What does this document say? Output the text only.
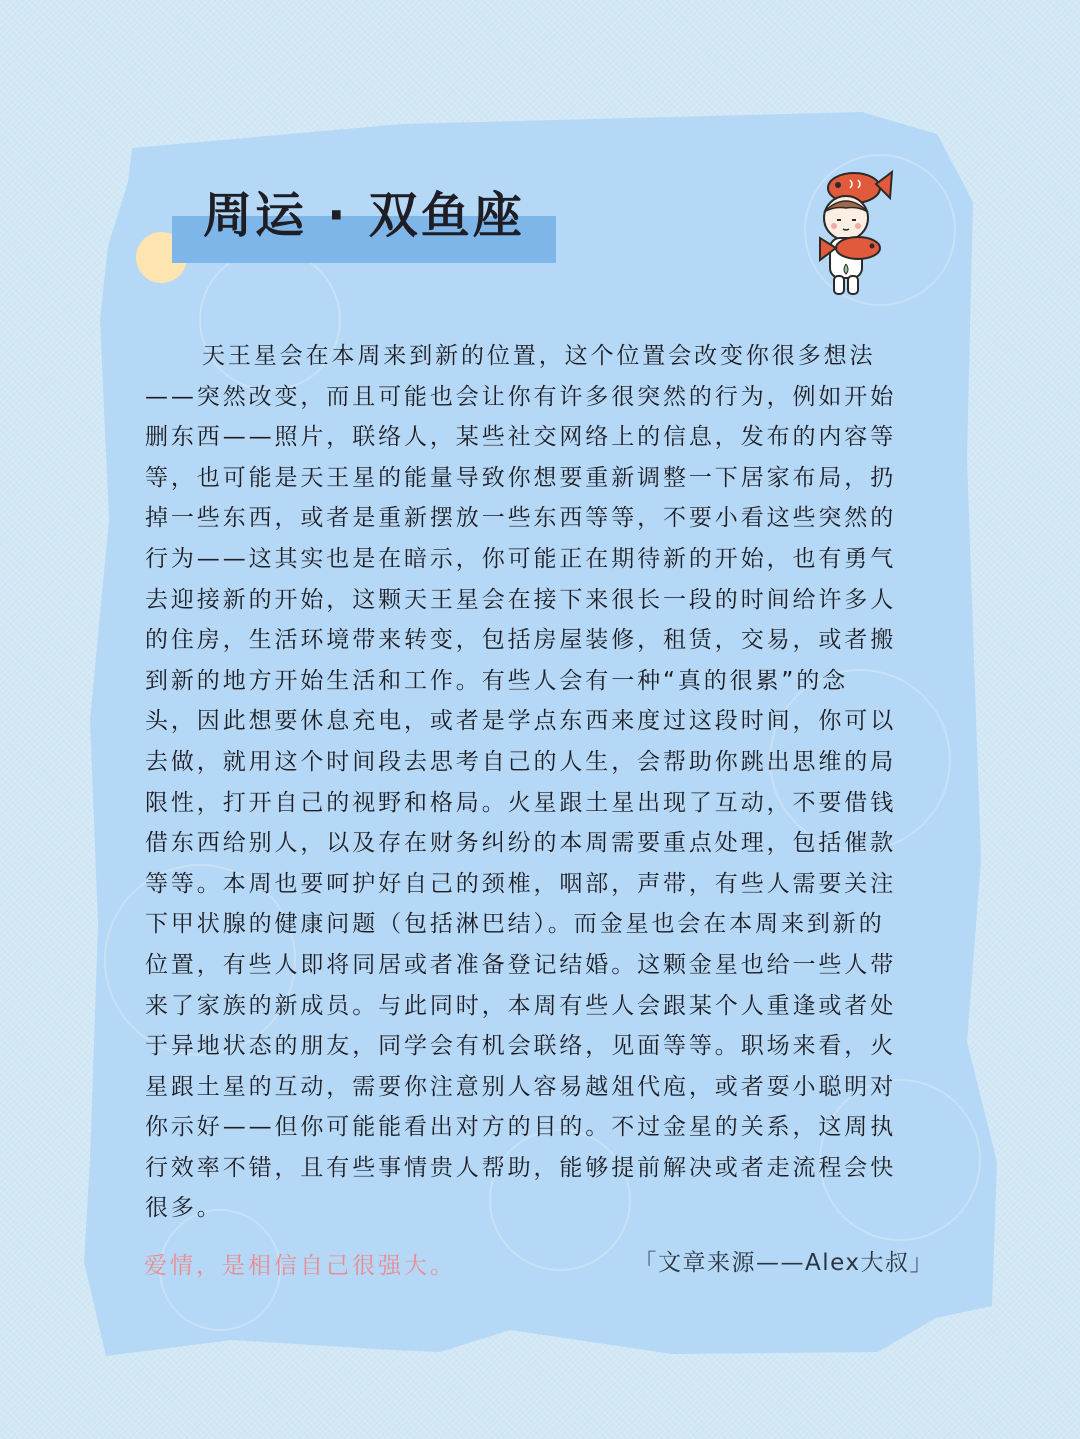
周运 · 双鱼座
天王星会在本周来到新的位置，这个位置会改变你很多想法
——突然改变，而且可能也会让你有许多很突然的行为，例如开始
删东西——照片，联络人，某些社交网络上的信息，发布的内容等
等，也可能是天王星的能量导致你想要重新调整一下居家布局，扔
掉一些东西，或者是重新摆放一些东西等等，不要小看这些突然的
行为——这其实也是在暗示，你可能正在期待新的开始，也有勇气
去迎接新的开始，这颗天王星会在接下来很长一段的时间给许多人
的住房，生活环境带来转变，包括房屋装修，租赁，交易，或者搬
到新的地方开始生活和工作。有些人会有一种“真的很累”的念
头，因此想要休息充电，或者是学点东西来度过这段时间，你可以
去做，就用这个时间段去思考自己的人生，会帮助你跳出思维的局
限性，打开自己的视野和格局。火星跟土星出现了互动，不要借钱
借东西给别人，以及存在财务纠纷的本周需要重点处理，包括催款
等等。本周也要呵护好自己的颈椎，咽部，声带，有些人需要关注
下甲状腺的健康问题（包括淋巴结）。而金星也会在本周来到新的
位置，有些人即将同居或者准备登记结婚。这颗金星也给一些人带
来了家族的新成员。与此同时，本周有些人会跟某个人重逢或者处
于异地状态的朋友，同学会有机会联络，见面等等。职场来看，火
星跟土星的互动，需要你注意别人容易越俎代庖，或者耍小聪明对
你示好——但你可能能看出对方的目的。不过金星的关系，这周执
行效率不错，且有些事情贵人帮助，能够提前解决或者走流程会快
很多。

爱情，是相信自己很强大。	「文章来源——Alex大叔」
